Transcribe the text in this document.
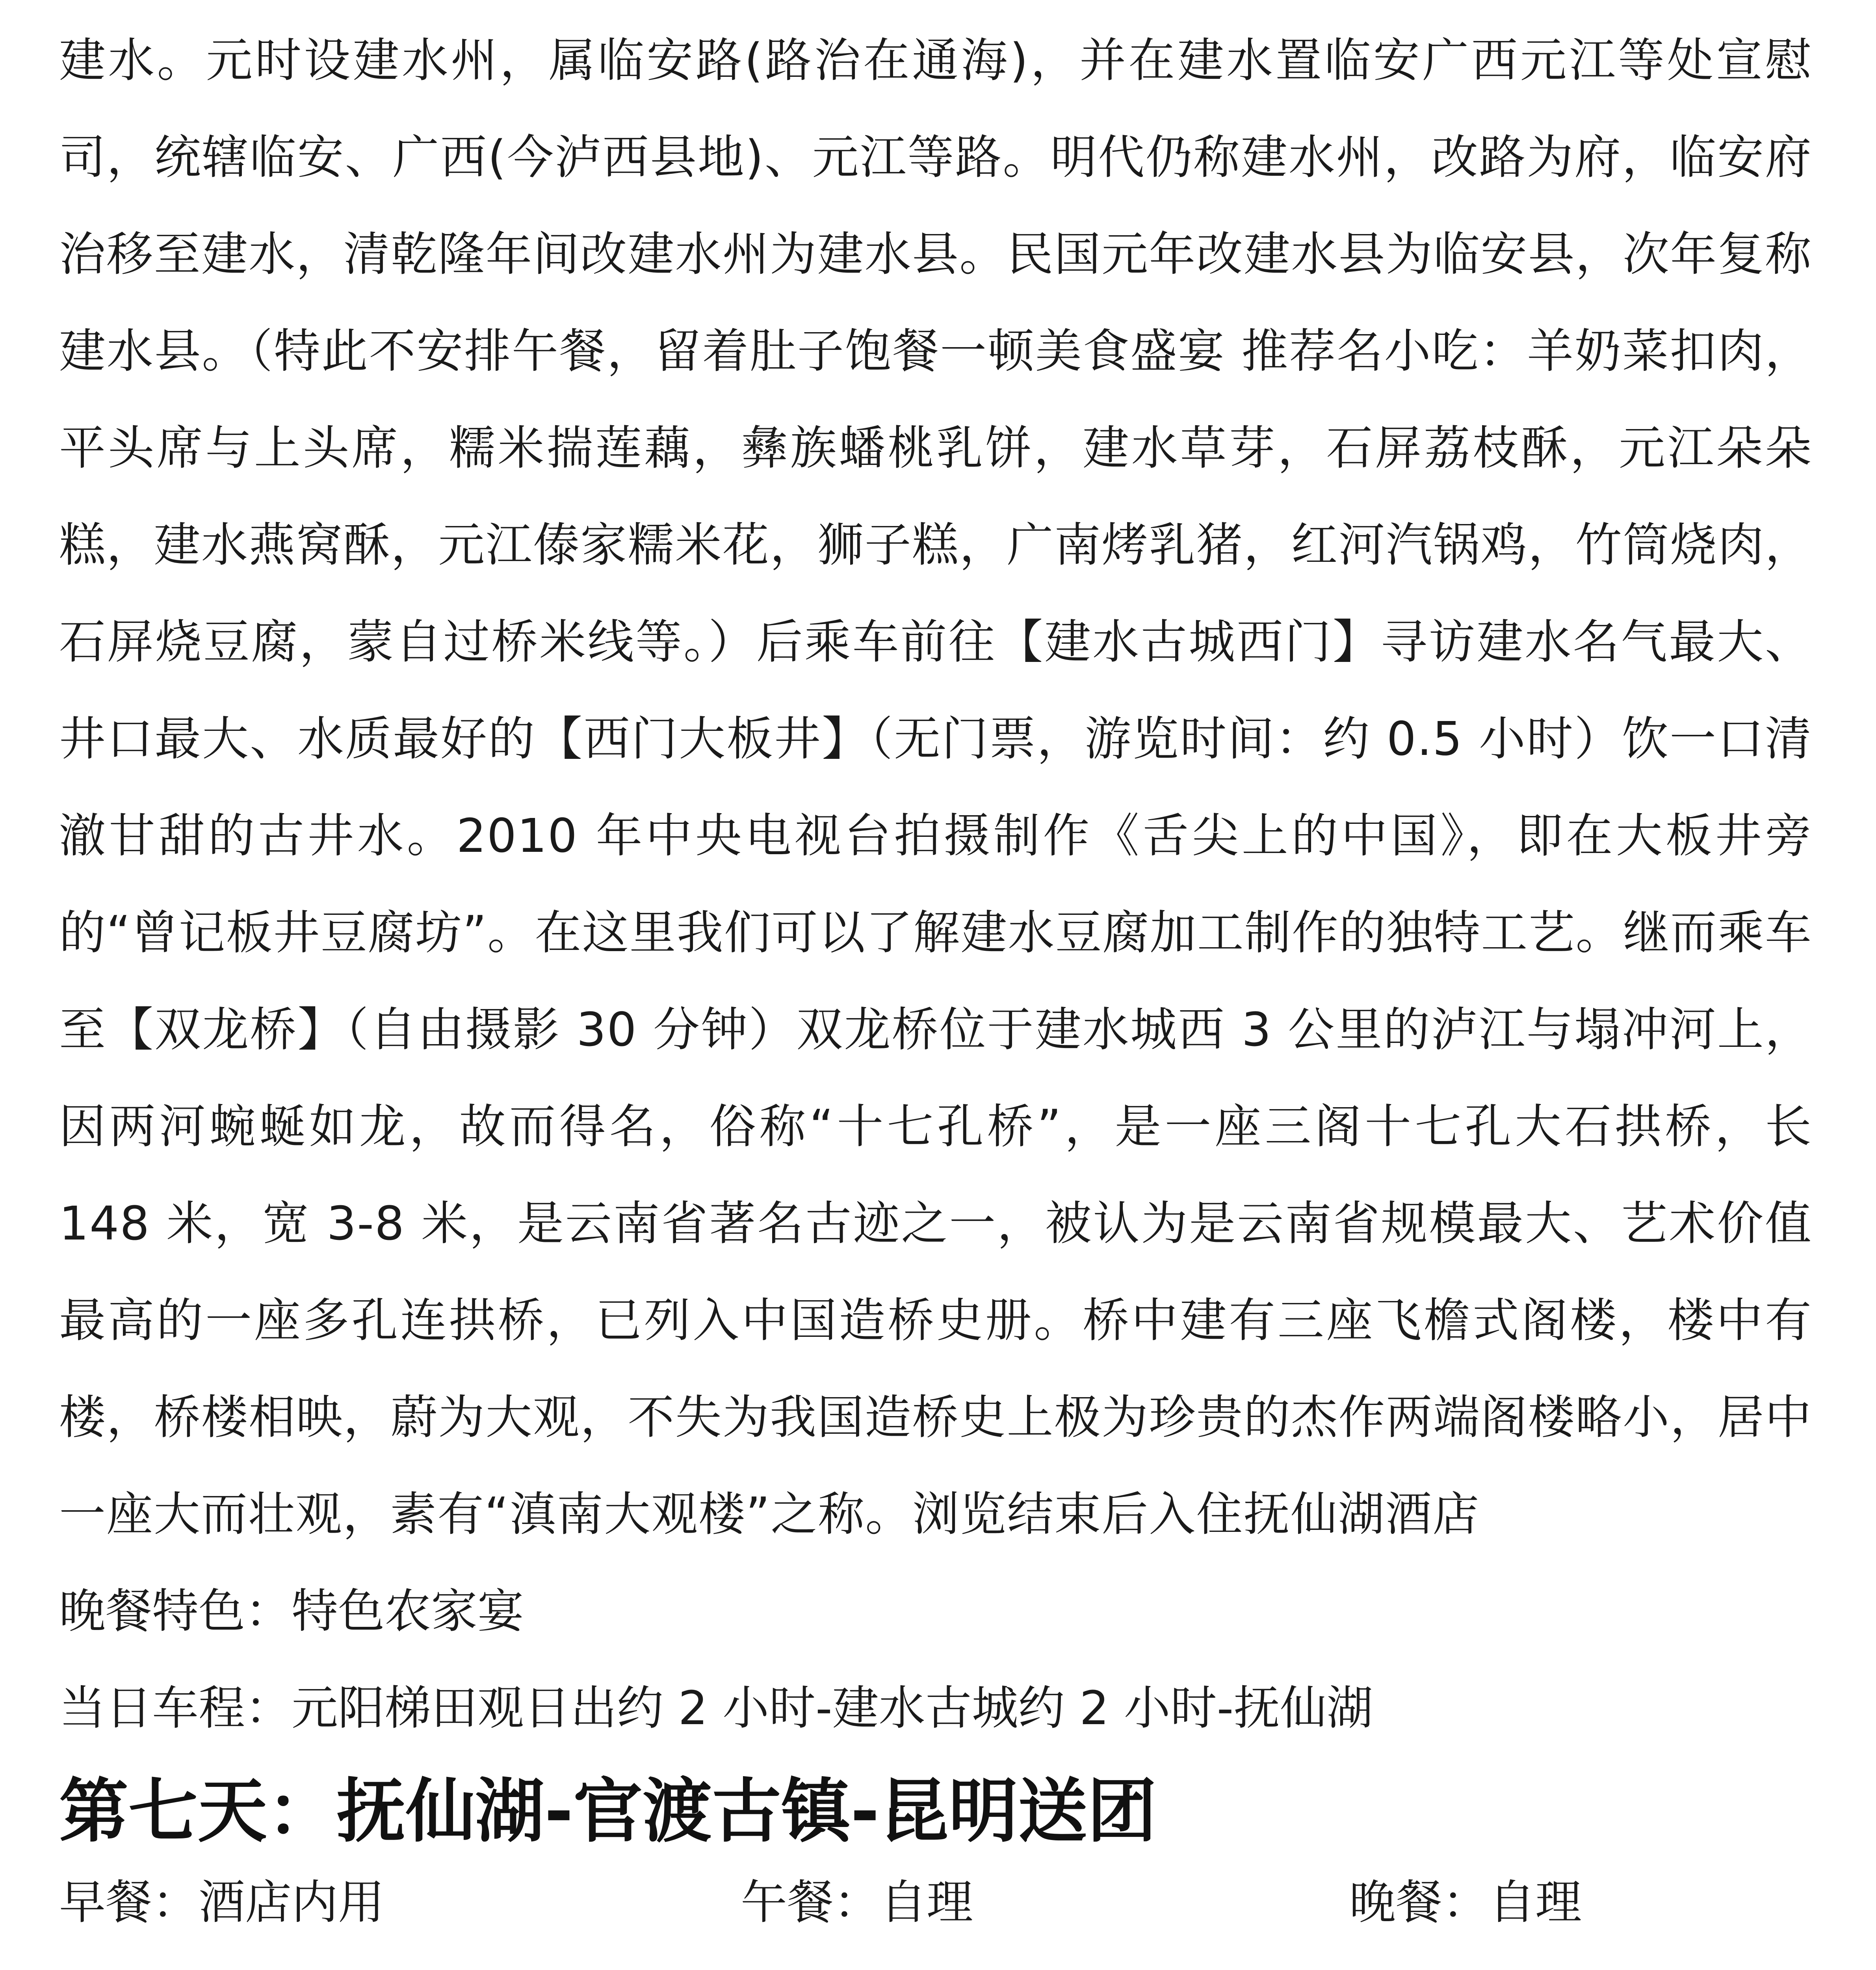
建水。元时设建水州，属临安路(路治在通海)，并在建水置临安广西元江等处宣慰司，统辖临安、广西(今泸西县地)、元江等路。明代仍称建水州，改路为府，临安府治移至建水，清乾隆年间改建水州为建水县。民国元年改建水县为临安县，次年复称建水县。（特此不安排午餐，留着肚子饱餐一顿美食盛宴 推荐名小吃：羊奶菜扣肉，平头席与上头席，糯米揣莲藕，彝族蟠桃乳饼，建水草芽，石屏荔枝酥，元江朵朵糕，建水燕窝酥，元江傣家糯米花，狮子糕，广南烤乳猪，红河汽锅鸡，竹筒烧肉，石屏烧豆腐，蒙自过桥米线等。）后乘车前往【建水古城西门】寻访建水名气最大、井口最大、水质最好的【西门大板井】（无门票，游览时间：约 0.5 小时）饮一口清澈甘甜的古井水。2010 年中央电视台拍摄制作《舌尖上的中国》，即在大板井旁的“曾记板井豆腐坊”。在这里我们可以了解建水豆腐加工制作的独特工艺。继而乘车至【双龙桥】（自由摄影 30 分钟）双龙桥位于建水城西 3 公里的泸江与塌冲河上，因两河蜿蜒如龙，故而得名，俗称“十七孔桥”，是一座三阁十七孔大石拱桥，长 148 米，宽 3-8 米，是云南省著名古迹之一，被认为是云南省规模最大、艺术价值最高的一座多孔连拱桥，已列入中国造桥史册。桥中建有三座飞檐式阁楼，楼中有楼，桥楼相映，蔚为大观，不失为我国造桥史上极为珍贵的杰作两端阁楼略小，居中一座大而壮观，素有“滇南大观楼”之称。浏览结束后入住抚仙湖酒店

晚餐特色：特色农家宴

当日车程：元阳梯田观日出约 2 小时-建水古城约 2 小时-抚仙湖

第七天：抚仙湖-官渡古镇-昆明送团
早餐：酒店内用	午餐：自理	晚餐：自理
